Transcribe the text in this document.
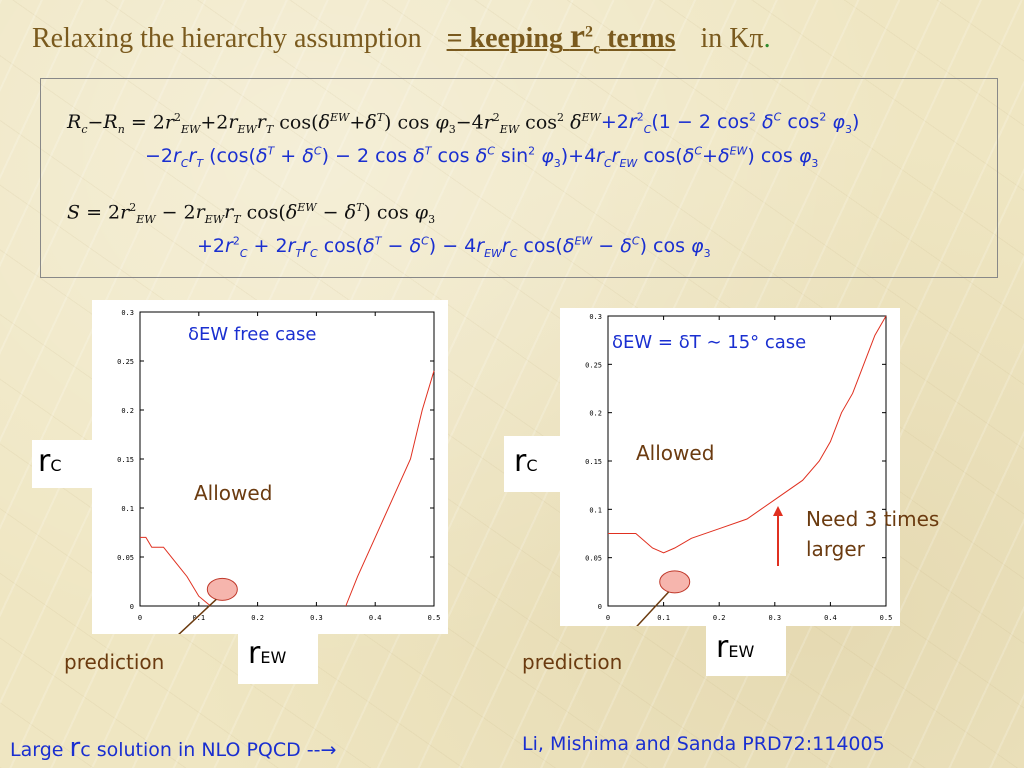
Relaxing the hierarchy assumption = keeping $r^2_c$ terms in Kπ.
$R_c-R_n = 2r^2_{EW}+2r_{EW}r_T$ $\cos(\delta^{EW}+\delta^T)$ $\cos \varphi_3-4r^2_{EW}$ $\cos^2 \delta^{EW}+2r^2_C(1 - 2$ $\cos^2 \delta^C$ $\cos^2 \varphi_3$)
$-2r_Cr_T$ ($\cos(\delta^T + \delta^C) - 2$ $\cos \delta^T$ $\cos \delta^C$ $\sin^2 \varphi_3)+4r_Cr_{EW}$ $\cos(\delta^C+\delta^{EW})$ $\cos \varphi_3$
$S = 2r^2_{EW} - 2r_{EW}r_T$ $\cos(\delta^{EW} - \delta^T)$ $\cos \varphi_3$
$+2r^2_C + 2r_Tr_C$ $\cos(\delta^T - \delta^C) - 4r_{EW}r_C$ $\cos(\delta^{EW} - \delta^C)$ $\cos \varphi_3$
0
0.05
0.1
0.15
0.2
0.25
0.3
0	0.1	0.2	0.3	0.4	0.5
δEW free case
Allowed
rC
rEW
prediction
0
0.05
0.1
0.15
0.2
0.25
0.3
0	0.1	0.2	0.3	0.4	0.5
δEW = δT ∼ 15° case
Allowed
rC
rEW
prediction
Need 3 times
larger
Large rc solution in NLO PQCD --→	Li, Mishima and Sanda PRD72:114005
